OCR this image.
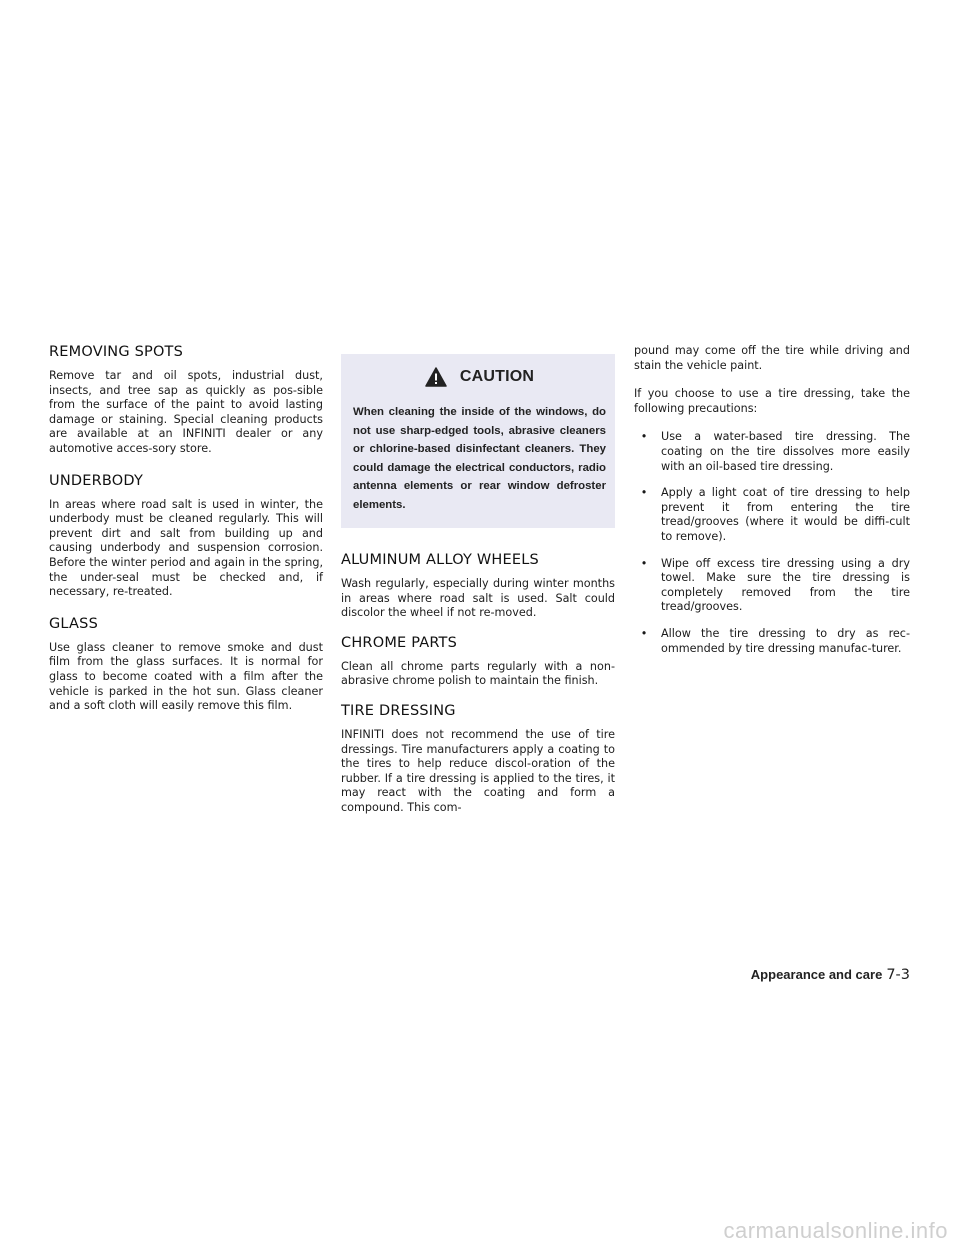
REMOVING SPOTS

Remove tar and oil spots, industrial dust, insects, and tree sap as quickly as pos-sible from the surface of the paint to avoid lasting damage or staining. Special cleaning products are available at an INFINITI dealer or any automotive acces-sory store.

UNDERBODY

In areas where road salt is used in winter, the underbody must be cleaned regularly. This will prevent dirt and salt from building up and causing underbody and suspension corrosion. Before the winter period and again in the spring, the under-seal must be checked and, if necessary, re-treated.

GLASS

Use glass cleaner to remove smoke and dust film from the glass surfaces. It is normal for glass to become coated with a film after the vehicle is parked in the hot sun. Glass cleaner and a soft cloth will easily remove this film.

CAUTION
When cleaning the inside of the windows, do not use sharp-edged tools, abrasive cleaners or chlorine-based disinfectant cleaners. They could damage the electrical conductors, radio antenna elements or rear window defroster elements.
ALUMINUM ALLOY WHEELS

Wash regularly, especially during winter months in areas where road salt is used. Salt could discolor the wheel if not re-moved.

CHROME PARTS

Clean all chrome parts regularly with a non-abrasive chrome polish to maintain the finish.

TIRE DRESSING

INFINITI does not recommend the use of tire dressings. Tire manufacturers apply a coating to the tires to help reduce discol-oration of the rubber. If a tire dressing is applied to the tires, it may react with the coating and form a compound. This com-

pound may come off the tire while driving and stain the vehicle paint.

If you choose to use a tire dressing, take the following precautions:

•	Use a water-based tire dressing. The coating on the tire dissolves more easily with an oil-based tire dressing.
•	Apply a light coat of tire dressing to help prevent it from entering the tire tread/grooves (where it would be diffi-cult to remove).
•	Wipe off excess tire dressing using a dry towel. Make sure the tire dressing is completely removed from the tire tread/grooves.
•	Allow the tire dressing to dry as rec-ommended by tire dressing manufac-turer.
Appearance and care 7-3
carmanualsonline.info
